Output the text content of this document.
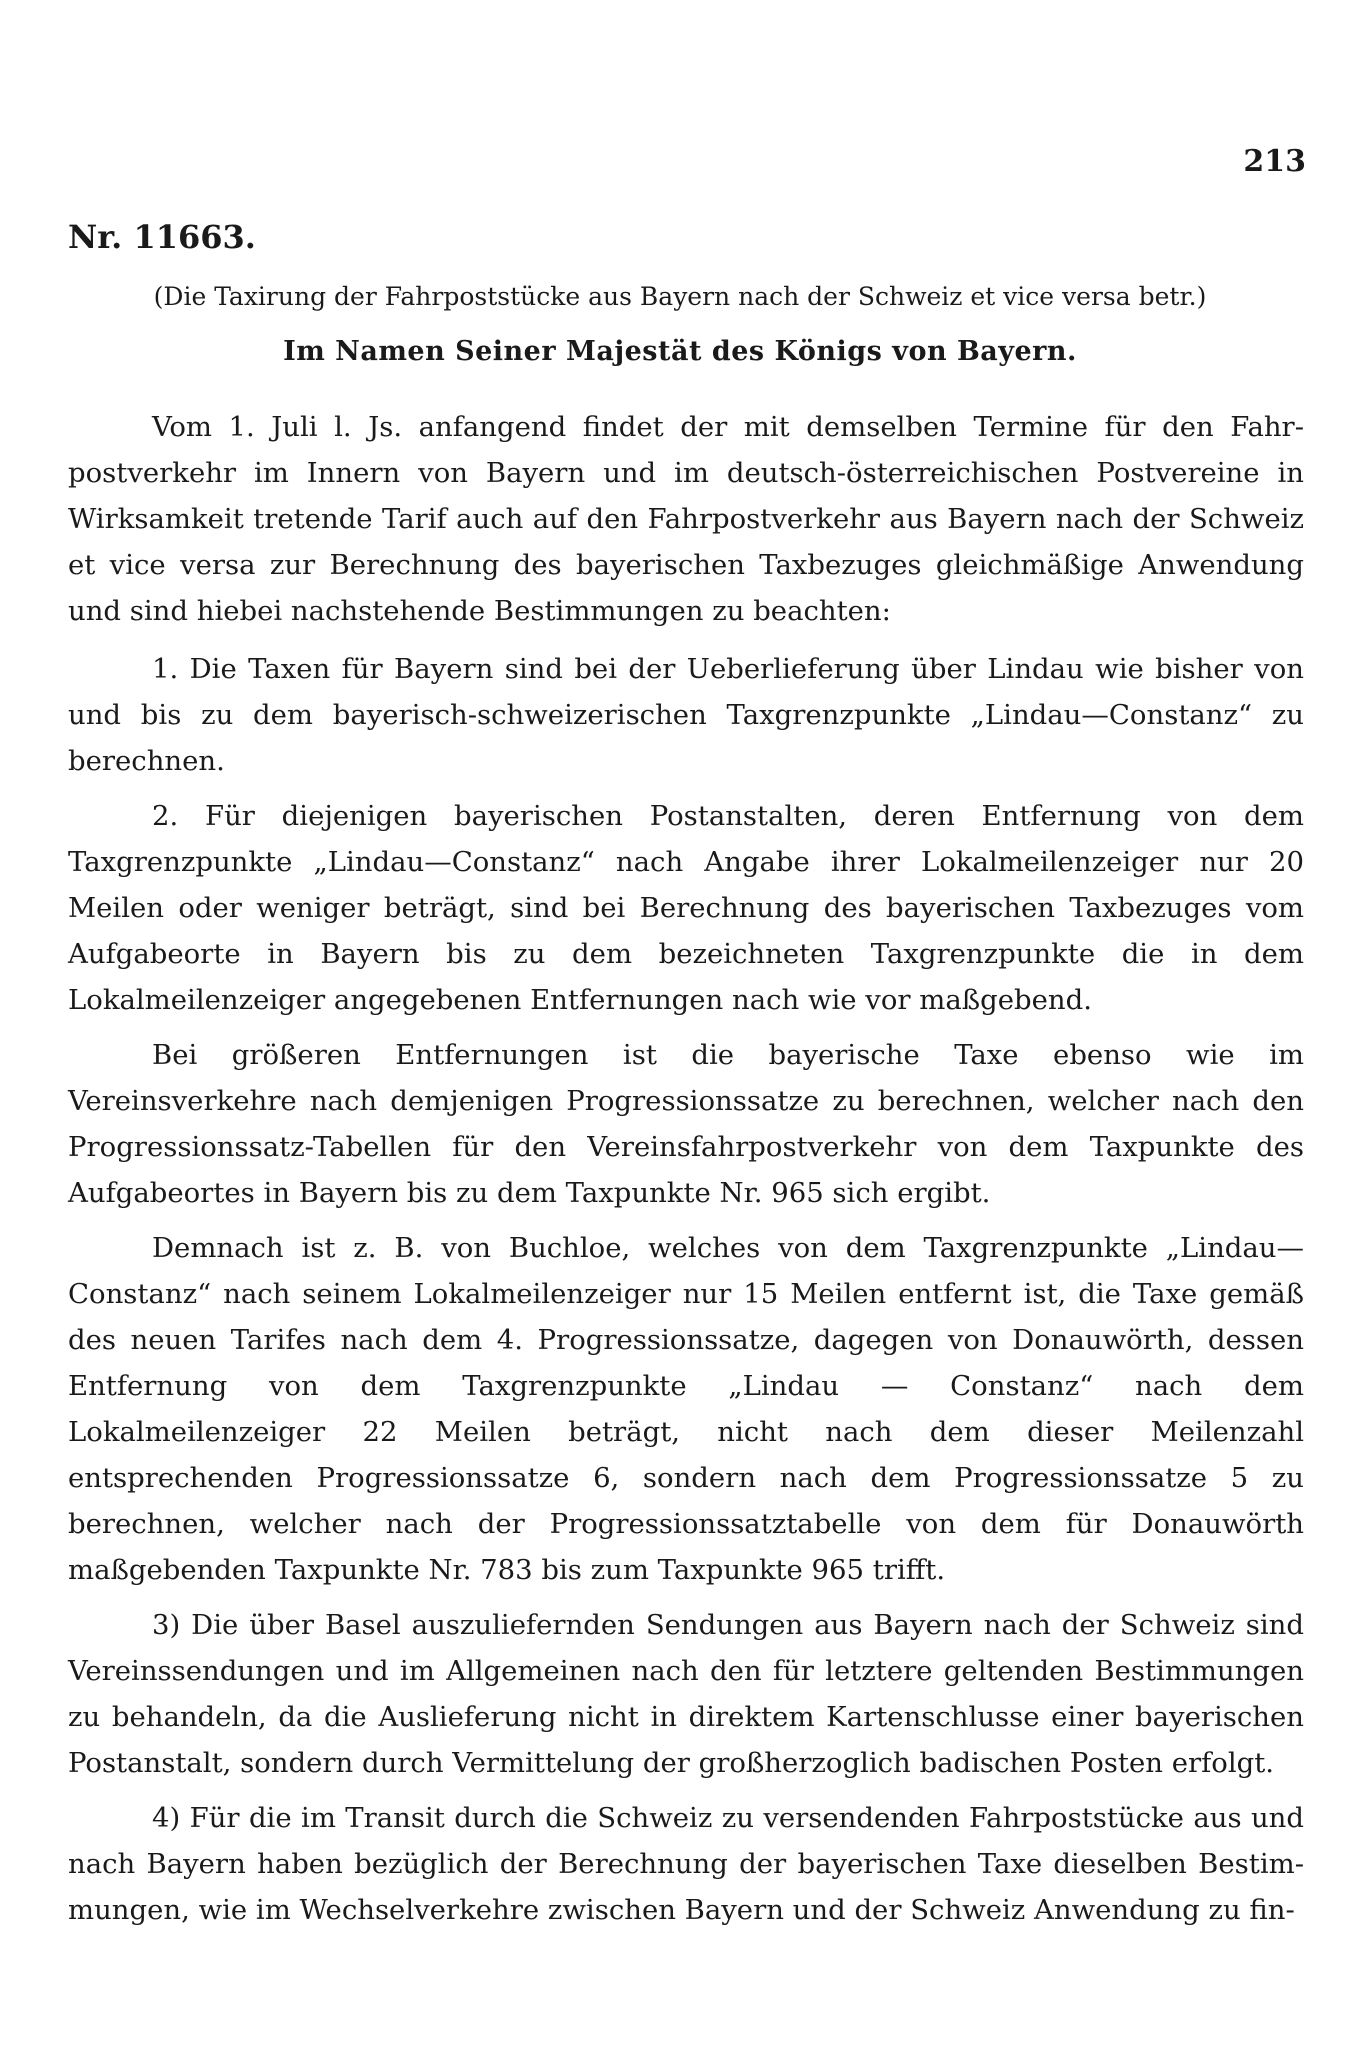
213
Nr. 11663.
(Die Taxirung der Fahrpoststücke aus Bayern nach der Schweiz et vice versa betr.)
Im Namen Seiner Majestät des Königs von Bayern.

Vom 1. Juli l. Js. anfangend findet der mit demselben Termine für den Fahrpostverkehr im Innern von Bayern und im deutsch-österreichischen Postvereine in Wirksamkeit tretende Tarif auch auf den Fahrpostverkehr aus Bayern nach der Schweiz et vice versa zur Berechnung des bayerischen Taxbezuges gleichmäßige Anwendung und sind hiebei nachstehende Bestimmungen zu beachten:

1. Die Taxen für Bayern sind bei der Ueberlieferung über Lindau wie bisher von und bis zu dem bayerisch-schweizerischen Taxgrenzpunkte „Lindau—Constanz“ zu berechnen.

2. Für diejenigen bayerischen Postanstalten, deren Entfernung von dem Taxgrenzpunkte „Lindau—Constanz“ nach Angabe ihrer Lokalmeilenzeiger nur 20 Meilen oder weniger beträgt, sind bei Berechnung des bayerischen Taxbezuges vom Aufgabeorte in Bayern bis zu dem bezeichneten Taxgrenzpunkte die in dem Lokalmeilenzeiger angegebenen Entfernungen nach wie vor maßgebend.

Bei größeren Entfernungen ist die bayerische Taxe ebenso wie im Vereinsverkehre nach demjenigen Progressionssatze zu berechnen, welcher nach den Progressionssatz-Tabellen für den Vereinsfahrpostverkehr von dem Taxpunkte des Aufgabeortes in Bayern bis zu dem Taxpunkte Nr. 965 sich ergibt.

Demnach ist z. B. von Buchloe, welches von dem Taxgrenzpunkte „Lindau—Constanz“ nach seinem Lokalmeilenzeiger nur 15 Meilen entfernt ist, die Taxe gemäß des neuen Tarifes nach dem 4. Progressionssatze, dagegen von Donauwörth, dessen Entfernung von dem Taxgrenzpunkte „Lindau — Constanz“ nach dem Lokalmeilenzeiger 22 Meilen beträgt, nicht nach dem dieser Meilenzahl entsprechenden Progressionssatze 6, sondern nach dem Progressionssatze 5 zu berechnen, welcher nach der Progressionssatztabelle von dem für Donauwörth maßgebenden Taxpunkte Nr. 783 bis zum Taxpunkte 965 trifft.

3) Die über Basel auszuliefernden Sendungen aus Bayern nach der Schweiz sind Vereinssendungen und im Allgemeinen nach den für letztere geltenden Bestimmungen zu behandeln, da die Auslieferung nicht in direktem Kartenschlusse einer bayerischen Postanstalt, sondern durch Vermittelung der großherzoglich badischen Posten erfolgt.

4) Für die im Transit durch die Schweiz zu versendenden Fahrpoststücke aus und nach Bayern haben bezüglich der Berechnung der bayerischen Taxe dieselben Bestimmungen, wie im Wechselverkehre zwischen Bayern und der Schweiz Anwendung zu fin-
